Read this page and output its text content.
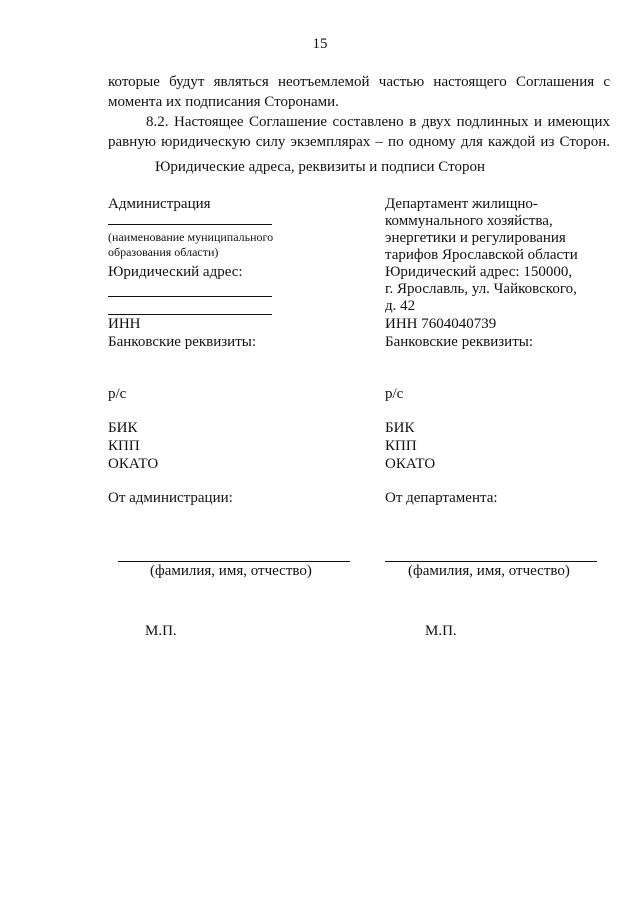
15
которые будут являться неотъемлемой частью настоящего Соглашения с
момента их подписания Сторонами.
8.2. Настоящее Соглашение составлено в двух подлинных и имеющих
равную юридическую силу экземплярах – по одному для каждой из Сторон.
Юридические адреса, реквизиты и подписи Сторон
Администрация
(наименование муниципального
образования области)
Юридический адрес:
ИНН
Банковские реквизиты:
р/с
БИК
КПП
ОКАТО
От администрации:
(фамилия, имя, отчество)
М.П.
Департамент жилищно-
коммунального хозяйства,
энергетики и регулирования
тарифов Ярославской области
Юридический адрес: 150000,
г. Ярославль, ул. Чайковского,
д. 42
ИНН 7604040739
Банковские реквизиты:
р/с
БИК
КПП
ОКАТО
От департамента:
(фамилия, имя, отчество)
М.П.
